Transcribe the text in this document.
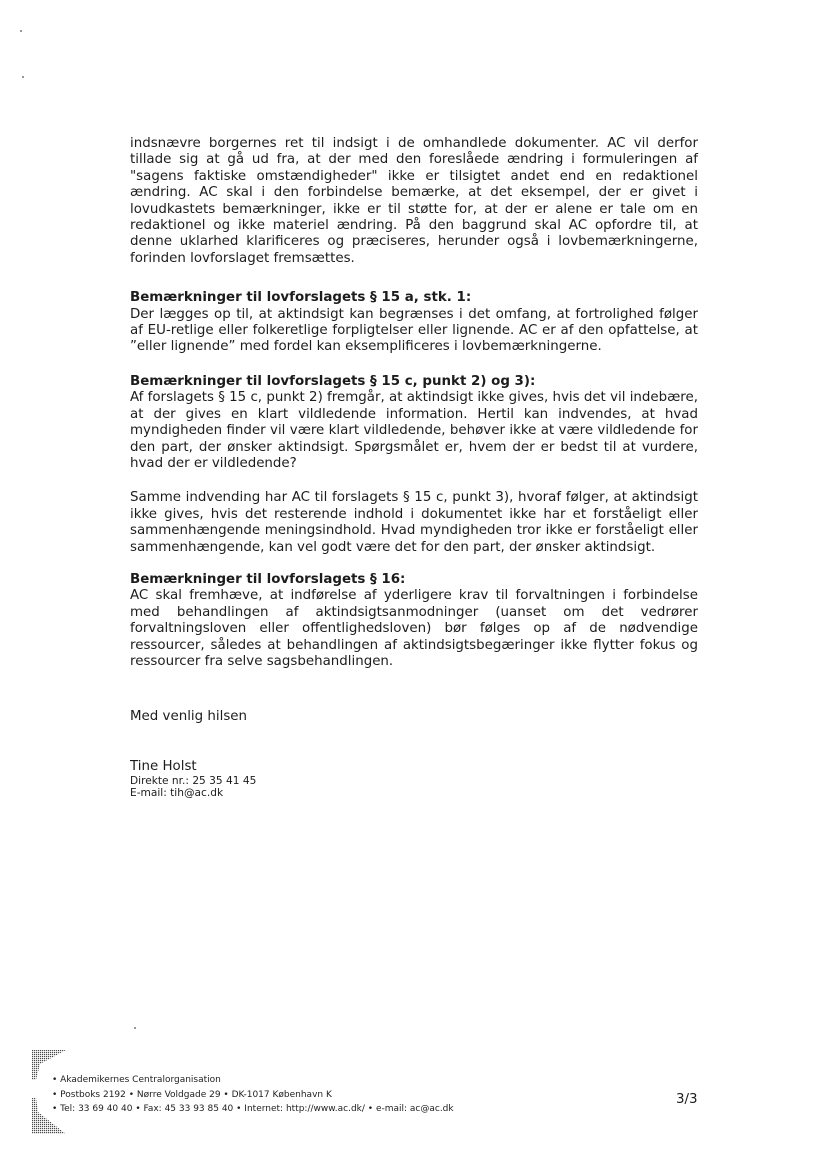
indsnævre borgernes ret til indsigt i de omhandlede dokumenter. AC vil derfor tillade sig at gå ud fra, at der med den foreslåede ændring i formuleringen af "sagens faktiske omstændigheder" ikke er tilsigtet andet end en redaktionel ændring. AC skal i den forbindelse bemærke, at det eksempel, der er givet i lovudkastets bemærkninger, ikke er til støtte for, at der er alene er tale om en redaktionel og ikke materiel ændring. På den baggrund skal AC opfordre til, at denne uklarhed klarificeres og præciseres, herunder også i lovbemærkningerne, forinden lovforslaget fremsættes.

Bemærkninger til lovforslagets § 15 a, stk. 1:

Der lægges op til, at aktindsigt kan begrænses i det omfang, at fortrolighed følger af EU-retlige eller folkeretlige forpligtelser eller lignende. AC er af den opfattelse, at ”eller lignende” med fordel kan eksemplificeres i lovbemærkningerne.

Bemærkninger til lovforslagets § 15 c, punkt 2) og 3):

Af forslagets § 15 c, punkt 2) fremgår, at aktindsigt ikke gives, hvis det vil indebære, at der gives en klart vildledende information. Hertil kan indvendes, at hvad myndigheden finder vil være klart vildledende, behøver ikke at være vildledende for den part, der ønsker aktindsigt. Spørgsmålet er, hvem der er bedst til at vurdere, hvad der er vildledende?

Samme indvending har AC til forslagets § 15 c, punkt 3), hvoraf følger, at aktindsigt ikke gives, hvis det resterende indhold i dokumentet ikke har et forståeligt eller sammenhængende meningsindhold. Hvad myndigheden tror ikke er forståeligt eller sammenhængende, kan vel godt være det for den part, der ønsker aktindsigt.

Bemærkninger til lovforslagets § 16:

AC skal fremhæve, at indførelse af yderligere krav til forvaltningen i forbindelse med behandlingen af aktindsigtsanmodninger (uanset om det vedrører forvaltningsloven eller offentlighedsloven) bør følges op af de nødvendige ressourcer, således at behandlingen af aktindsigtsbegæringer ikke flytter fokus og ressourcer fra selve sagsbehandlingen.

Med venlig hilsen
Tine Holst
Direkte nr.: 25 35 41 45
E-mail: tih@ac.dk
• Akademikernes Centralorganisation
• Postboks 2192 • Nørre Voldgade 29 • DK-1017 København K
• Tel: 33 69 40 40 • Fax: 45 33 93 85 40 • Internet: http://www.ac.dk/ • e-mail: ac@ac.dk
3/3
